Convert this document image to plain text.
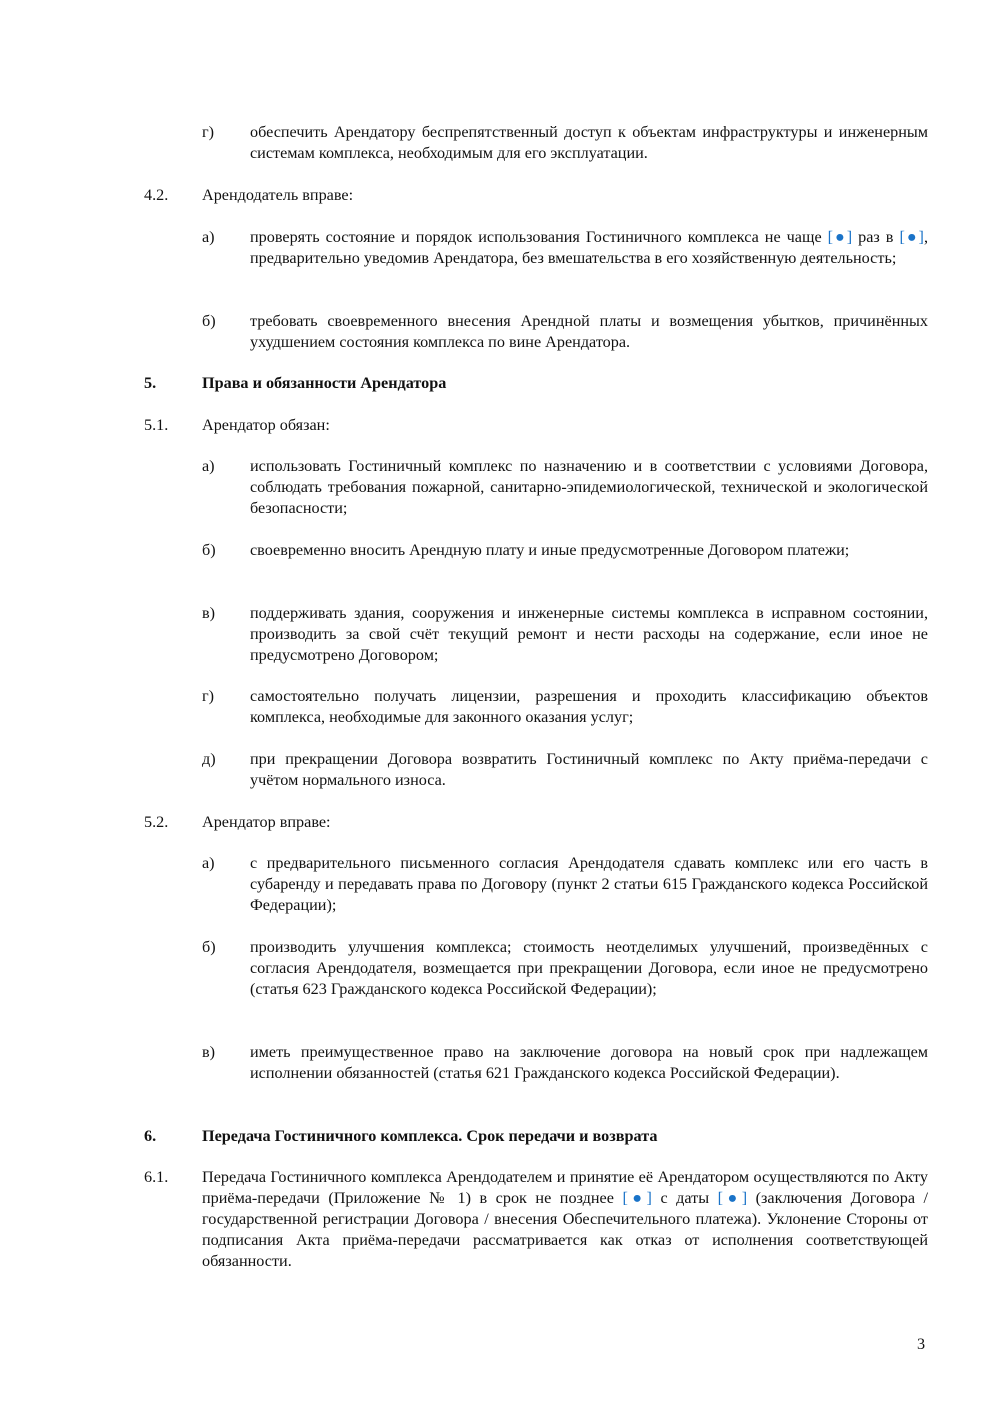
г) обеспечить Арендатору беспрепятственный доступ к объектам инфраструктуры и инженерным системам комплекса, необходимым для его эксплуатации.
4.2. Арендодатель вправе:
а) проверять состояние и порядок использования Гостиничного комплекса не чаще [●] раз в [●], предварительно уведомив Арендатора, без вмешательства в его хозяйственную деятельность;
б) требовать своевременного внесения Арендной платы и возмещения убытков, причинённых ухудшением состояния комплекса по вине Арендатора.
5.	Права и обязанности Арендатора
5.1. Арендатор обязан:
а) использовать Гостиничный комплекс по назначению и в соответствии с условиями Договора, соблюдать требования пожарной, санитарно-эпидемиологической, технической и экологической безопасности;
б) своевременно вносить Арендную плату и иные предусмотренные Договором платежи;
в) поддерживать здания, сооружения и инженерные системы комплекса в исправном состоянии, производить за свой счёт текущий ремонт и нести расходы на содержание, если иное не предусмотрено Договором;
г) самостоятельно получать лицензии, разрешения и проходить классификацию объектов комплекса, необходимые для законного оказания услуг;
д) при прекращении Договора возвратить Гостиничный комплекс по Акту приёма-передачи с учётом нормального износа.
5.2. Арендатор вправе:
а) с предварительного письменного согласия Арендодателя сдавать комплекс или его часть в субаренду и передавать права по Договору (пункт 2 статьи 615 Гражданского кодекса Российской Федерации);
б) производить улучшения комплекса; стоимость неотделимых улучшений, произведённых с согласия Арендодателя, возмещается при прекращении Договора, если иное не предусмотрено (статья 623 Гражданского кодекса Российской Федерации);
в) иметь преимущественное право на заключение договора на новый срок при надлежащем исполнении обязанностей (статья 621 Гражданского кодекса Российской Федерации).
6.	Передача Гостиничного комплекса. Срок передачи и возврата
6.1. Передача Гостиничного комплекса Арендодателем и принятие её Арендатором осуществляются по Акту приёма-передачи (Приложение № 1) в срок не позднее [●] с даты [●] (заключения Договора / государственной регистрации Договора / внесения Обеспечительного платежа). Уклонение Стороны от подписания Акта приёма-передачи рассматривается как отказ от исполнения соответствующей обязанности.
3
